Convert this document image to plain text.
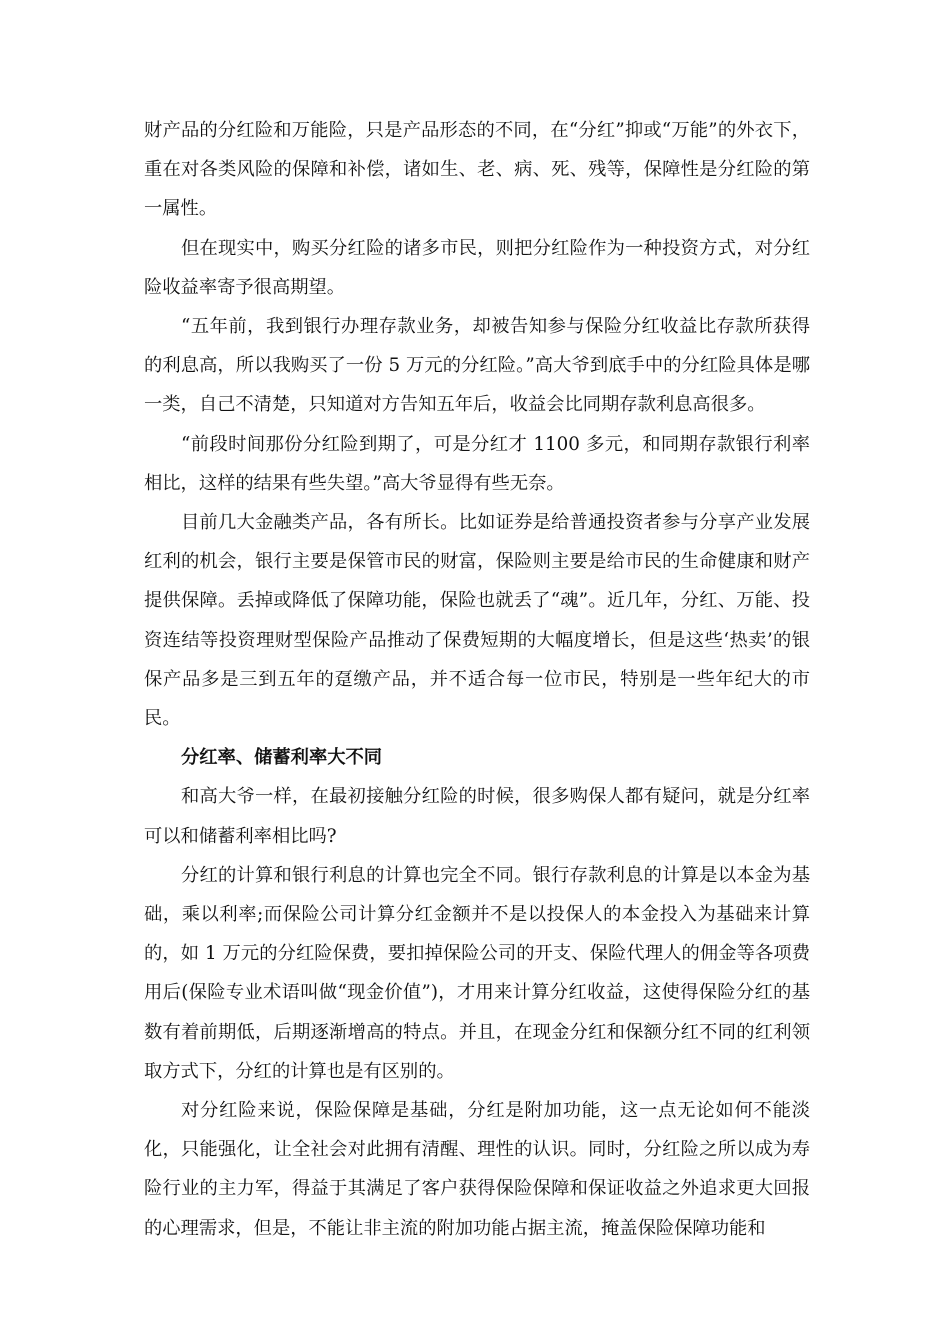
财产品的分红险和万能险，只是产品形态的不同，在“分红”抑或“万能”的外衣下，重在对各类风险的保障和补偿，诸如生、老、病、死、残等，保障性是分红险的第一属性。

但在现实中，购买分红险的诸多市民，则把分红险作为一种投资方式，对分红险收益率寄予很高期望。

“五年前，我到银行办理存款业务，却被告知参与保险分红收益比存款所获得的利息高，所以我购买了一份 5 万元的分红险。”高大爷到底手中的分红险具体是哪一类，自己不清楚，只知道对方告知五年后，收益会比同期存款利息高很多。

“前段时间那份分红险到期了，可是分红才 1100 多元，和同期存款银行利率相比，这样的结果有些失望。”高大爷显得有些无奈。

目前几大金融类产品，各有所长。比如证券是给普通投资者参与分享产业发展红利的机会，银行主要是保管市民的财富，保险则主要是给市民的生命健康和财产提供保障。丢掉或降低了保障功能，保险也就丢了“魂”。近几年，分红、万能、投资连结等投资理财型保险产品推动了保费短期的大幅度增长，但是这些‘热卖’的银保产品多是三到五年的趸缴产品，并不适合每一位市民，特别是一些年纪大的市民。

分红率、储蓄利率大不同

和高大爷一样，在最初接触分红险的时候，很多购保人都有疑问，就是分红率可以和储蓄利率相比吗?

分红的计算和银行利息的计算也完全不同。银行存款利息的计算是以本金为基础，乘以利率;而保险公司计算分红金额并不是以投保人的本金投入为基础来计算的，如 1 万元的分红险保费，要扣掉保险公司的开支、保险代理人的佣金等各项费用后(保险专业术语叫做“现金价值”)，才用来计算分红收益，这使得保险分红的基数有着前期低，后期逐渐增高的特点。并且，在现金分红和保额分红不同的红利领取方式下，分红的计算也是有区别的。

对分红险来说，保险保障是基础，分红是附加功能，这一点无论如何不能淡化，只能强化，让全社会对此拥有清醒、理性的认识。同时，分红险之所以成为寿险行业的主力军，得益于其满足了客户获得保险保障和保证收益之外追求更大回报的心理需求，但是，不能让非主流的附加功能占据主流，掩盖保险保障功能和
